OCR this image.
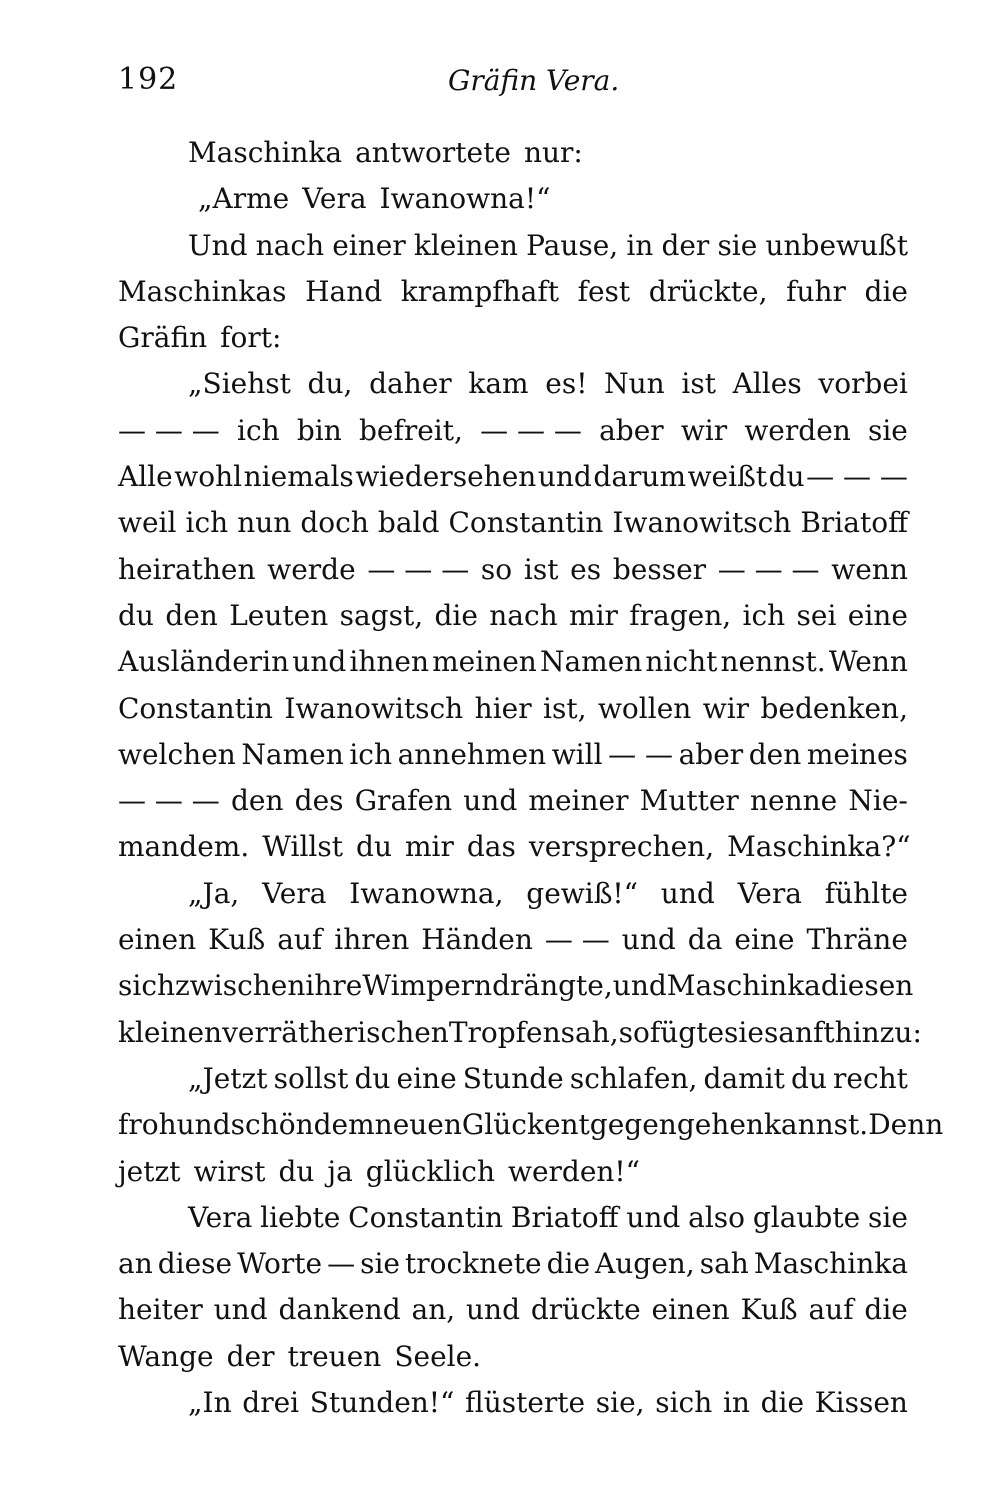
192	Gräfin Vera.
Maschinka antwortete nur:
„Arme Vera Iwanowna!“
Und nach einer kleinen Pause, in der sie unbewußt
Maschinkas Hand krampfhaft fest drückte, fuhr die
Gräfin fort:
„Siehst du, daher kam es! Nun ist Alles vorbei
— — — ich bin befreit, — — — aber wir werden sie
Alle wohl niemals wiedersehen und darum weißt du — — —
weil ich nun doch bald Constantin Iwanowitsch Briatoff
heirathen werde — — — so ist es besser — — — wenn
du den Leuten sagst, die nach mir fragen, ich sei eine
Ausländerin und ihnen meinen Namen nicht nennst. Wenn
Constantin Iwanowitsch hier ist, wollen wir bedenken,
welchen Namen ich annehmen will — — aber den meines
— — — den des Grafen und meiner Mutter nenne Nie-
mandem. Willst du mir das versprechen, Maschinka?“
„Ja, Vera Iwanowna, gewiß!“ und Vera fühlte
einen Kuß auf ihren Händen — — und da eine Thräne
sich zwischen ihre Wimpern drängte, und Maschinka diesen
kleinen verrätherischen Tropfen sah, so fügte sie sanft hinzu:
„Jetzt sollst du eine Stunde schlafen, damit du recht
froh und schön dem neuen Glück entgegengehen kannst. Denn
jetzt wirst du ja glücklich werden!“
Vera liebte Constantin Briatoff und also glaubte sie
an diese Worte — sie trocknete die Augen, sah Maschinka
heiter und dankend an, und drückte einen Kuß auf die
Wange der treuen Seele.
„In drei Stunden!“ flüsterte sie, sich in die Kissen
